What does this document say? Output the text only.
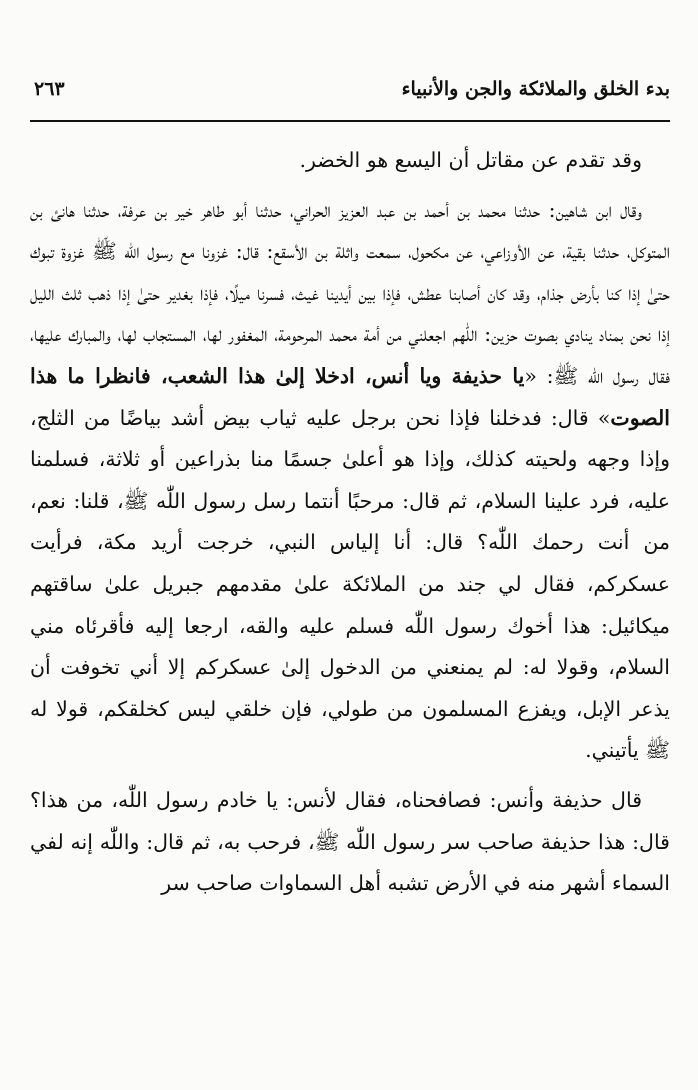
بدء الخلق والملائكة والجن والأنبياء
٢٦٣

وقد تقدم عن مقاتل أن اليسع هو الخضر.

وقال ابن شاهين: حدثنا محمد بن أحمد بن عبد العزيز الحراني، حدثنا أبو طاهر خير بن عرفة، حدثنا هانئ بن المتوكل، حدثنا بقية، عن الأوزاعي، عن مكحول، سمعت واثلة بن الأسقع: قال: غزونا مع رسول اللّٰه ﷺ غزوة تبوك حتىٰ إذا كنا بأرض جذام، وقد كان أصابنا عطش، فإذا بين أيدينا غيث، فسرنا ميلًا، فإذا بغدير حتىٰ إذا ذهب ثلث الليل إذا نحن بمناد ينادي بصوت حزين: اللّٰهم اجعلني من أمة محمد المرحومة، المغفور لها، المستجاب لها، والمبارك عليها، فقال رسول اللّٰه ﷺ: «يا حذيفة ويا أنس، ادخلا إلىٰ هذا الشعب، فانظرا ما هذا الصوت» قال: فدخلنا فإذا نحن برجل عليه ثياب بيض أشد بياضًا من الثلج، وإذا وجهه ولحيته كذلك، وإذا هو أعلىٰ جسمًا منا بذراعين أو ثلاثة، فسلمنا عليه، فرد علينا السلام، ثم قال: مرحبًا أنتما رسل رسول اللّٰه ﷺ، قلنا: نعم، من أنت رحمك اللّٰه؟ قال: أنا إلياس النبي، خرجت أريد مكة، فرأيت عسكركم، فقال لي جند من الملائكة علىٰ مقدمهم جبريل علىٰ ساقتهم ميكائيل: هذا أخوك رسول اللّٰه فسلم عليه والقه، ارجعا إليه فأقرئاه مني السلام، وقولا له: لم يمنعني من الدخول إلىٰ عسكركم إلا أني تخوفت أن يذعر الإبل، ويفزع المسلمون من طولي، فإن خلقي ليس كخلقكم، قولا له ﷺ يأتيني.

قال حذيفة وأنس: فصافحناه، فقال لأنس: يا خادم رسول اللّٰه، من هذا؟ قال: هذا حذيفة صاحب سر رسول اللّٰه ﷺ، فرحب به، ثم قال: واللّٰه إنه لفي السماء أشهر منه في الأرض تشبه أهل السماوات صاحب سر
